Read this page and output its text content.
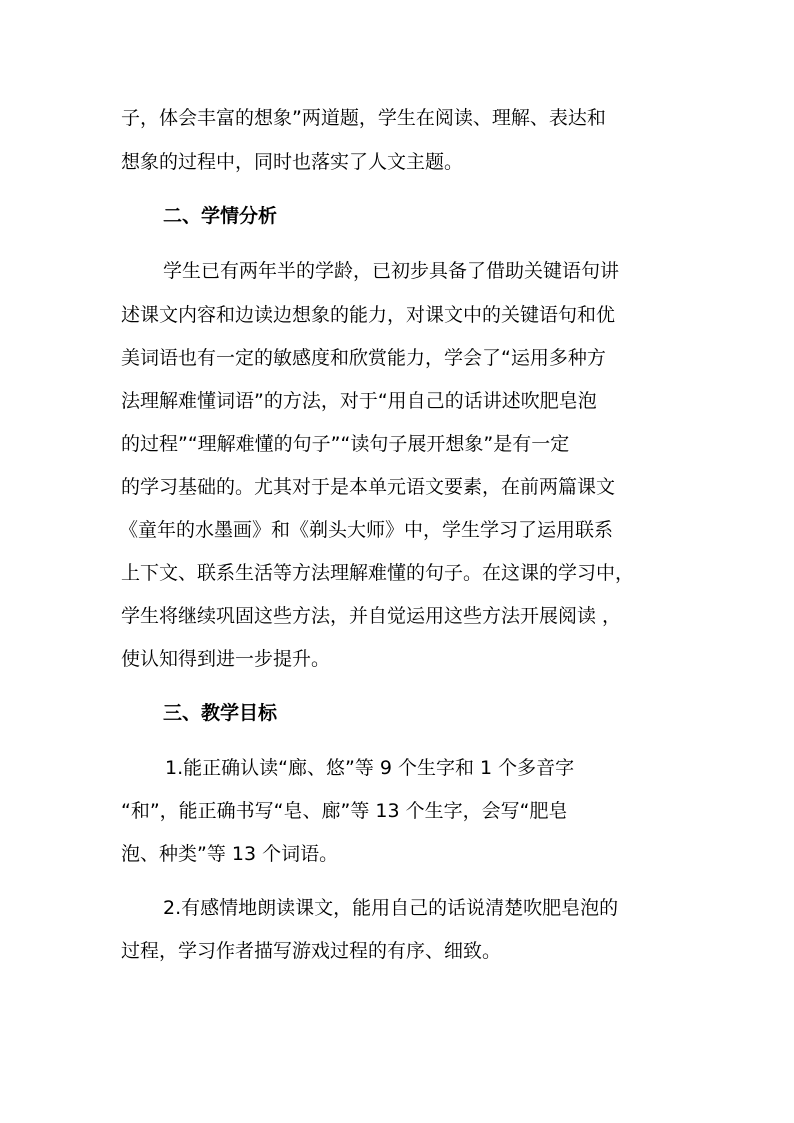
子，体会丰富的想象”两道题，学生在阅读、理解、表达和
想象的过程中，同时也落实了人文主题。
二、学情分析
学生已有两年半的学龄，已初步具备了借助关键语句讲
述课文内容和边读边想象的能力，对课文中的关键语句和优
美词语也有一定的敏感度和欣赏能力，学会了“运用多种方
法理解难懂词语”的方法，对于“用自己的话讲述吹肥皂泡
的过程”“理解难懂的句子”“读句子展开想象”是有一定
的学习基础的。尤其对于是本单元语文要素，在前两篇课文
《童年的水墨画》和《剃头大师》中，学生学习了运用联系
上下文、联系生活等方法理解难懂的句子。在这课的学习中，
学生将继续巩固这些方法，并自觉运用这些方法开展阅读 ，
使认知得到进一步提升。
三、教学目标
1.能正确认读“廊、悠”等 9 个生字和 1 个多音字
“和”，能正确书写“皂、廊”等 13 个生字，会写“肥皂
泡、种类”等 13 个词语。
2.有感情地朗读课文，能用自己的话说清楚吹肥皂泡的
过程，学习作者描写游戏过程的有序、细致。
